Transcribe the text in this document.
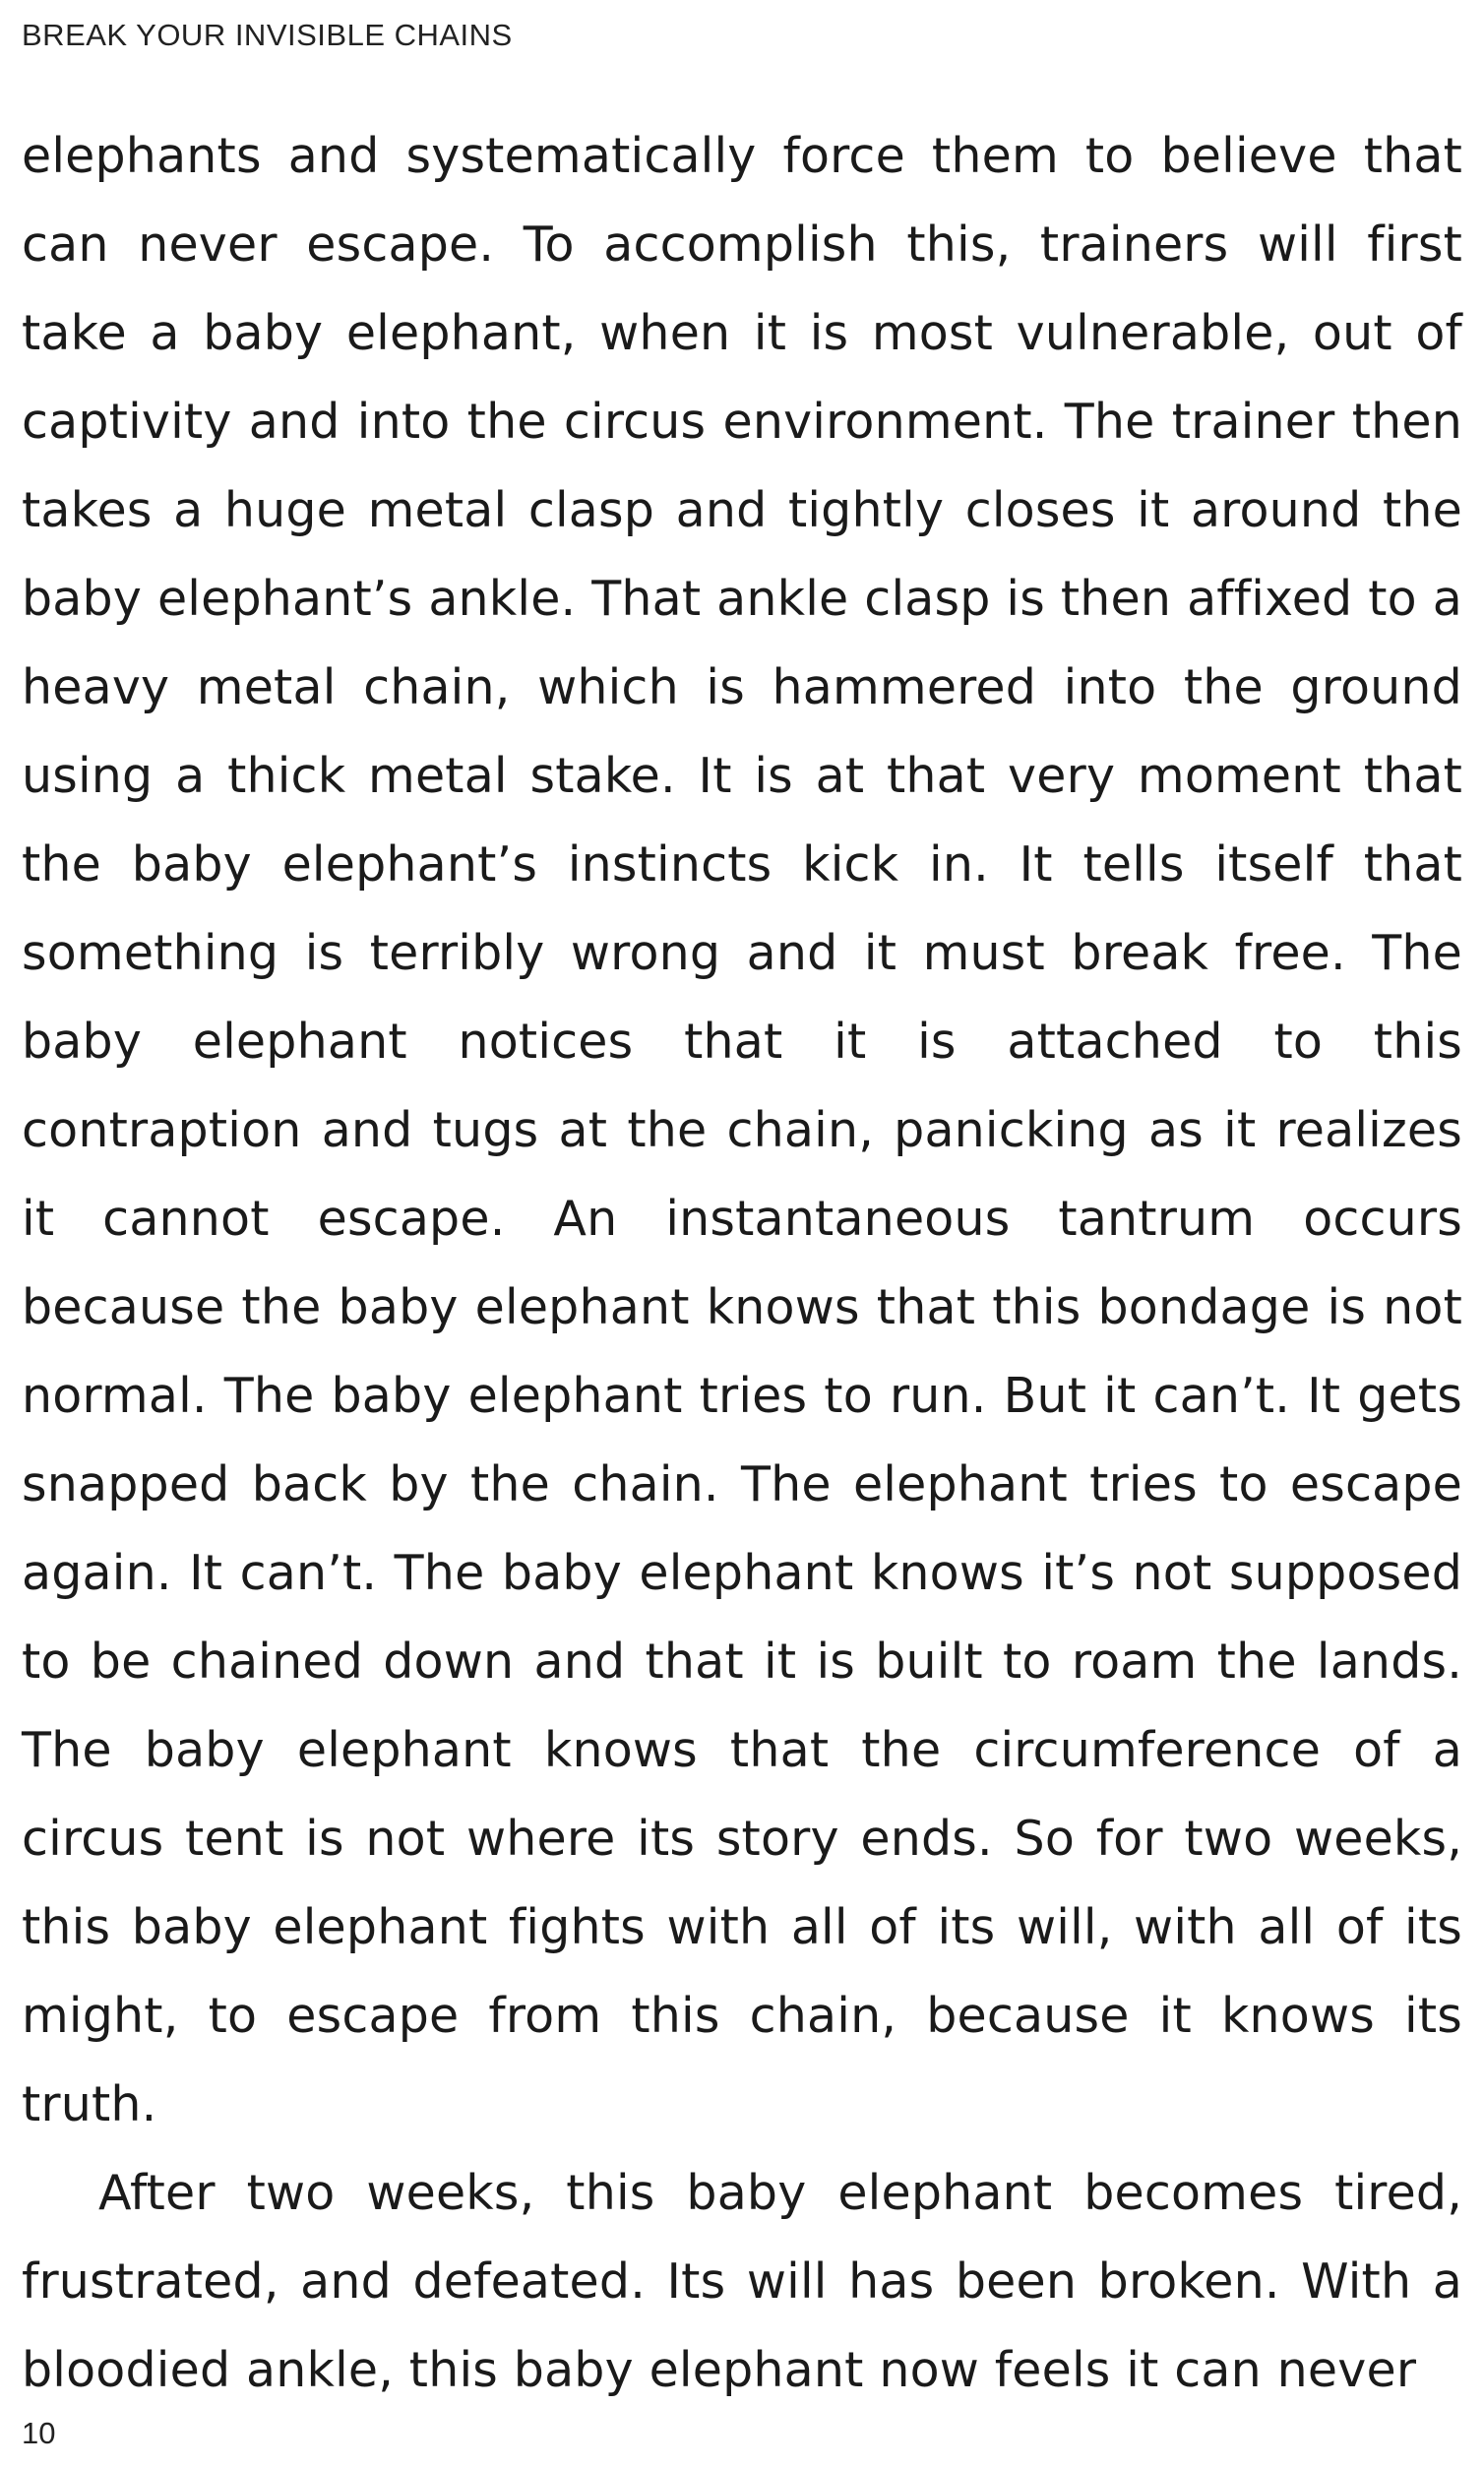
BREAK YOUR INVISIBLE CHAINS

elephants and systematically force them to believe that can never escape. To accomplish this, trainers will first take a baby elephant, when it is most vulnerable, out of captivity and into the circus environment. The trainer then takes a huge metal clasp and tightly closes it around the baby elephant’s ankle. That ankle clasp is then affixed to a heavy metal chain, which is hammered into the ground using a thick metal stake. It is at that very moment that the baby elephant’s instincts kick in. It tells itself that something is terribly wrong and it must break free. The baby elephant notices that it is attached to this contraption and tugs at the chain, panicking as it realizes it cannot escape. An instantaneous tantrum occurs because the baby elephant knows that this bondage is not normal. The baby elephant tries to run. But it can’t. It gets snapped back by the chain. The elephant tries to escape again. It can’t. The baby elephant knows it’s not supposed to be chained down and that it is built to roam the lands. The baby elephant knows that the circumference of a circus tent is not where its story ends. So for two weeks, this baby elephant fights with all of its will, with all of its might, to escape from this chain, because it knows its truth.

After two weeks, this baby elephant becomes tired, frustrated, and defeated. Its will has been broken. With a bloodied ankle, this baby elephant now feels it can never

10
